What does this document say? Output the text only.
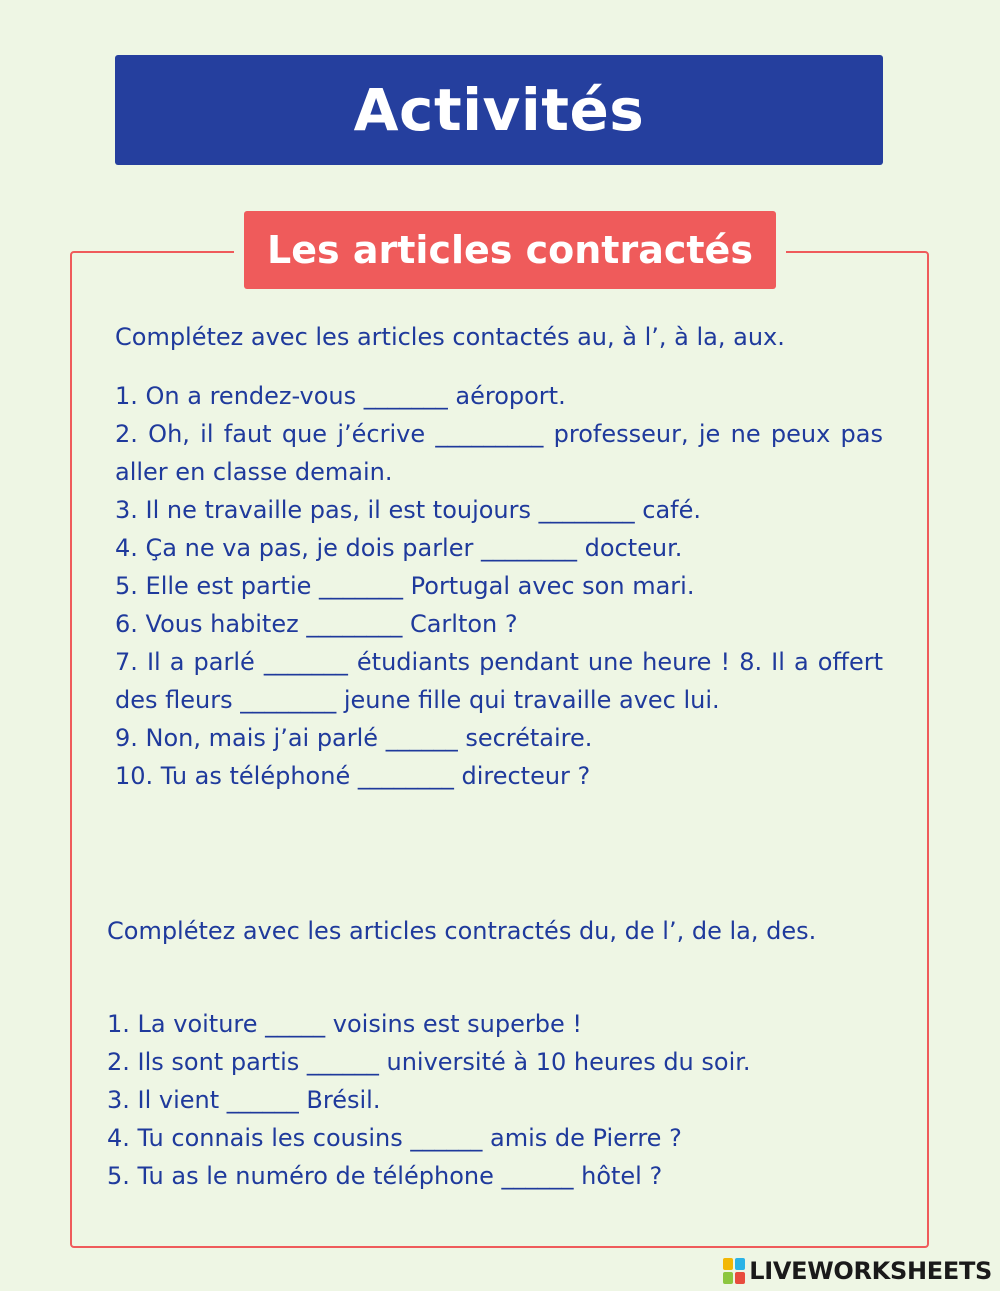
Activités
Les articles contractés

Complétez avec les articles contactés au, à l’, à la, aux.

1. On a rendez-vous _______ aéroport.
2. Oh, il faut que j’écrive _________ professeur, je ne peux pas aller en classe demain.
3. Il ne travaille pas, il est toujours ________ café.
4. Ça ne va pas, je dois parler ________ docteur.
5. Elle est partie _______ Portugal avec son mari.
6. Vous habitez ________ Carlton ?
7. Il a parlé _______ étudiants pendant une heure ! 8. Il a offert des fleurs ________ jeune fille qui travaille avec lui.
9. Non, mais j’ai parlé ______ secrétaire.
10. Tu as téléphoné ________ directeur ?

Complétez avec les articles contractés du, de l’, de la, des.

1. La voiture _____ voisins est superbe !
2. Ils sont partis ______ université à 10 heures du soir.
3. Il vient ______ Brésil.
4. Tu connais les cousins ______ amis de Pierre ?
5. Tu as le numéro de téléphone ______ hôtel ?
LIVEWORKSHEETS
